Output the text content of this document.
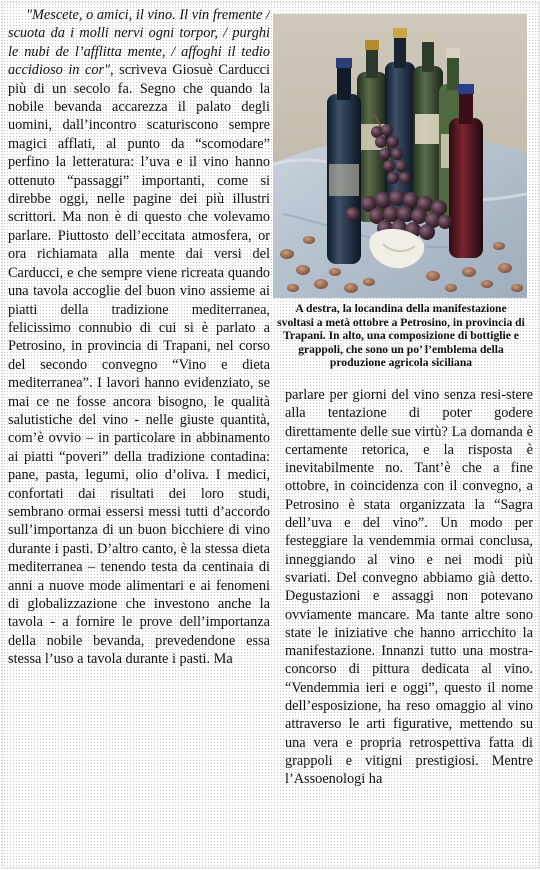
"Mescete, o amici, il vino. Il vin fremente / scuota da i molli nervi ogni torpor, / purghi le nubi de l’afflitta mente, / affoghi il tedio accidioso in cor", scriveva Giosuè Carducci più di un secolo fa. Segno che quando la nobile bevanda accarezza il palato degli uomini, dall’incontro scaturiscono sempre magici afflati, al punto da “scomodare” perfino la letteratura: l’uva e il vino hanno ottenuto “passaggi” importanti, come si direbbe oggi, nelle pagine dei più illustri scrittori. Ma non è di questo che volevamo parlare. Piuttosto dell’eccitata atmosfera, or ora richiamata alla mente dai versi del Carducci, e che sempre viene ricreata quando una tavola accoglie del buon vino assieme ai piatti della tradizione mediterranea, felicissimo connubio di cui si è parlato a Petrosino, in provincia di Trapani, nel corso del secondo convegno “Vino e dieta mediterranea”. I lavori hanno evidenziato, se mai ce ne fosse ancora bisogno, le qualità salutistiche del vino - nelle giuste quantità, com’è ovvio – in particolare in abbinamento ai piatti “poveri” della tradizione contadina: pane, pasta, legumi, olio d’oliva. I medici, confortati dai risultati dei loro studi, sembrano ormai essersi messi tutti d’accordo sull’importanza di un buon bicchiere di vino durante i pasti. D’altro canto, è la stessa dieta mediterranea – tenendo testa da centinaia di anni a nuove mode alimentari e ai fenomeni di globalizzazione che investono anche la tavola - a fornire le prove dell’importanza della nobile bevanda, prevedendone essa stessa l’uso a tavola durante i pasti. Ma

A destra, la locandina della manifestazione svoltasi a metà ottobre a Petrosino, in provincia di Trapani. In alto, una composizione di bottiglie e grappoli, che sono un po’ l’emblema della produzione agricola siciliana

parlare per giorni del vino senza resi-stere alla tentazione di poter godere direttamente delle sue virtù? La domanda è certamente retorica, e la risposta è inevitabilmente no. Tant’è che a fine ottobre, in coincidenza con il convegno, a Petrosino è stata organizzata la “Sagra dell’uva e del vino”. Un modo per festeggiare la vendemmia ormai conclusa, inneggiando al vino e nei modi più svariati. Del convegno abbiamo già detto. Degustazioni e assaggi non potevano ovviamente mancare. Ma tante altre sono state le iniziative che hanno arricchito la manifestazione. Innanzi tutto una mostra-concorso di pittura dedicata al vino. “Vendemmia ieri e oggi”, questo il nome dell’esposizione, ha reso omaggio al vino attraverso le arti figurative, mettendo su una vera e propria retrospettiva fatta di grappoli e vitigni prestigiosi. Mentre l’Assoenologi ha
